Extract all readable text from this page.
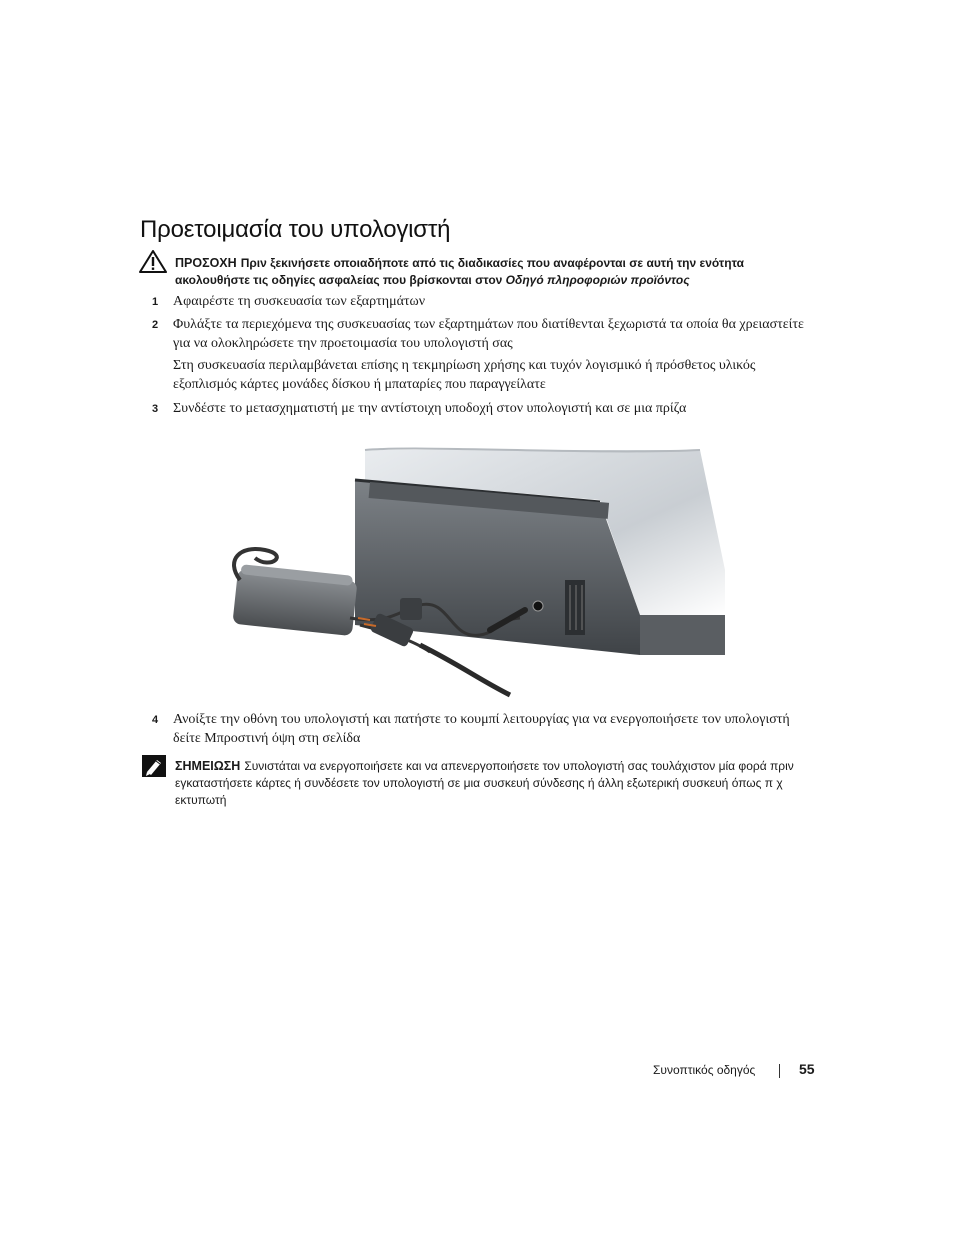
Προετοιμασία του υπολογιστή
ΠΡΟΣΟΧΗ Πριν ξεκινήσετε οποιαδήποτε από τις διαδικασίες που αναφέρονται σε αυτή την ενότητα ακολουθήστε τις οδηγίες ασφαλείας που βρίσκονται στον Οδηγό πληροφοριών προϊόντος
1 Αφαιρέστε τη συσκευασία των εξαρτημάτων
2 Φυλάξτε τα περιεχόμενα της συσκευασίας των εξαρτημάτων που διατίθενται ξεχωριστά τα οποία θα χρειαστείτε για να ολοκληρώσετε την προετοιμασία του υπολογιστή σας
Στη συσκευασία περιλαμβάνεται επίσης η τεκμηρίωση χρήσης και τυχόν λογισμικό ή πρόσθετος υλικός εξοπλισμός κάρτες μονάδες δίσκου ή μπαταρίες που παραγγείλατε
3 Συνδέστε το μετασχηματιστή με την αντίστοιχη υποδοχή στον υπολογιστή και σε μια πρίζα
4 Ανοίξτε την οθόνη του υπολογιστή και πατήστε το κουμπί λειτουργίας για να ενεργοποιήσετε τον υπολογιστή δείτε Μπροστινή όψη στη σελίδα
ΣΗΜΕΙΩΣΗ Συνιστάται να ενεργοποιήσετε και να απενεργοποιήσετε τον υπολογιστή σας τουλάχιστον μία φορά πριν εγκαταστήσετε κάρτες ή συνδέσετε τον υπολογιστή σε μια συσκευή σύνδεσης ή άλλη εξωτερική συσκευή όπως π χ εκτυπωτή
Συνοπτικός οδηγός	55
